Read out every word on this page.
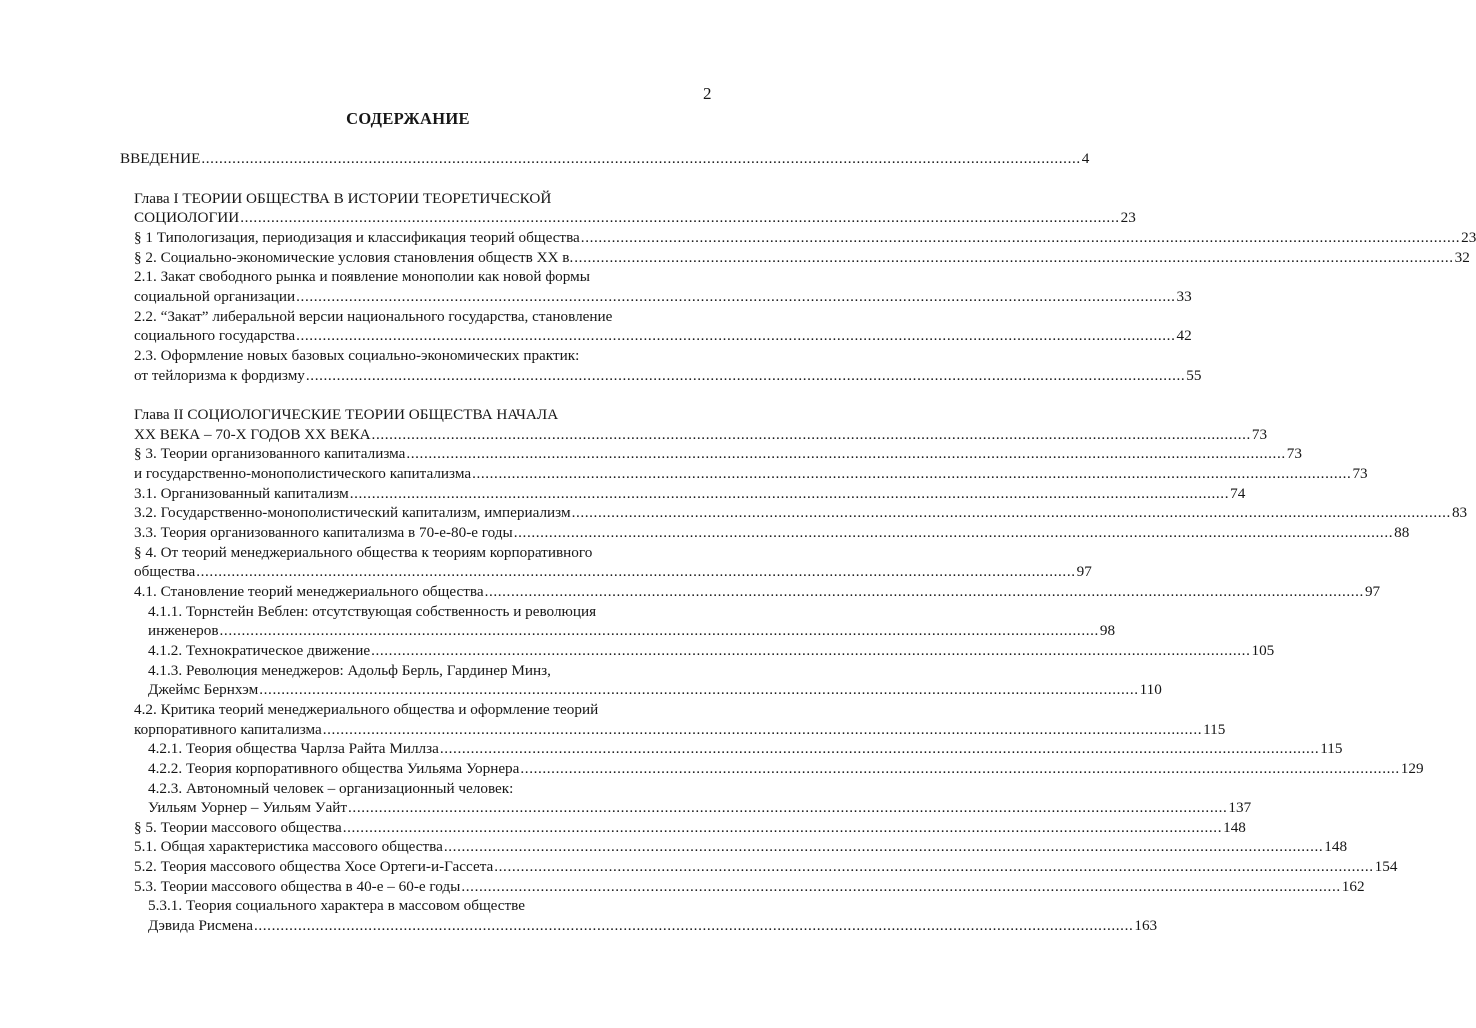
2
СОДЕРЖАНИЕ
ВВЕДЕНИЕ ........................................................................................................................................................................................................ 4
Глава I ТЕОРИИ ОБЩЕСТВА В ИСТОРИИ ТЕОРЕТИЧЕСКОЙ
СОЦИОЛОГИИ ........................................................................................................................................................................................................ 23
§ 1 Типологизация, периодизация и классификация теорий общества ........................................................................................................................................................................................................ 23
§ 2. Социально-экономические условия становления обществ XX в. ........................................................................................................................................................................................................ 32
2.1. Закат свободного рынка и появление монополии как новой формы
социальной организации ........................................................................................................................................................................................................ 33
2.2. “Закат” либеральной версии национального государства, становление
социального государства ........................................................................................................................................................................................................ 42
2.3. Оформление новых базовых социально-экономических практик:
от тейлоризма к фордизму ........................................................................................................................................................................................................ 55
Глава II СОЦИОЛОГИЧЕСКИЕ ТЕОРИИ ОБЩЕСТВА НАЧАЛА
XX ВЕКА – 70-Х ГОДОВ XX ВЕКА ........................................................................................................................................................................................................ 73
§ 3. Теории организованного капитализма ........................................................................................................................................................................................................ 73
и государственно-монополистического капитализма ........................................................................................................................................................................................................ 73
3.1. Организованный капитализм ........................................................................................................................................................................................................ 74
3.2. Государственно-монополистический капитализм, империализм ........................................................................................................................................................................................................ 83
3.3. Теория организованного капитализма в 70-е-80-е годы ........................................................................................................................................................................................................ 88
§ 4. От теорий менеджериального общества к теориям корпоративного
общества ........................................................................................................................................................................................................ 97
4.1. Становление теорий менеджериального общества ........................................................................................................................................................................................................ 97
4.1.1. Торнстейн Веблен: отсутствующая собственность и революция
инженеров ........................................................................................................................................................................................................ 98
4.1.2. Технократическое движение ........................................................................................................................................................................................................ 105
4.1.3. Революция менеджеров: Адольф Берль, Гардинер Минз,
Джеймс Бернхэм ........................................................................................................................................................................................................ 110
4.2. Критика теорий менеджериального общества и оформление теорий
корпоративного капитализма ........................................................................................................................................................................................................ 115
4.2.1. Теория общества Чарлза Райта Миллза ........................................................................................................................................................................................................ 115
4.2.2. Теория корпоративного общества Уильяма Уорнера ........................................................................................................................................................................................................ 129
4.2.3. Автономный человек – организационный человек:
Уильям Уорнер – Уильям Уайт ........................................................................................................................................................................................................ 137
§ 5. Теории массового общества ........................................................................................................................................................................................................ 148
5.1. Общая характеристика массового общества ........................................................................................................................................................................................................ 148
5.2. Теория массового общества Хосе Ортеги-и-Гассета ........................................................................................................................................................................................................ 154
5.3. Теории массового общества в 40-е – 60-е годы ........................................................................................................................................................................................................ 162
5.3.1. Теория социального характера в массовом обществе
Дэвида Рисмена ........................................................................................................................................................................................................ 163
